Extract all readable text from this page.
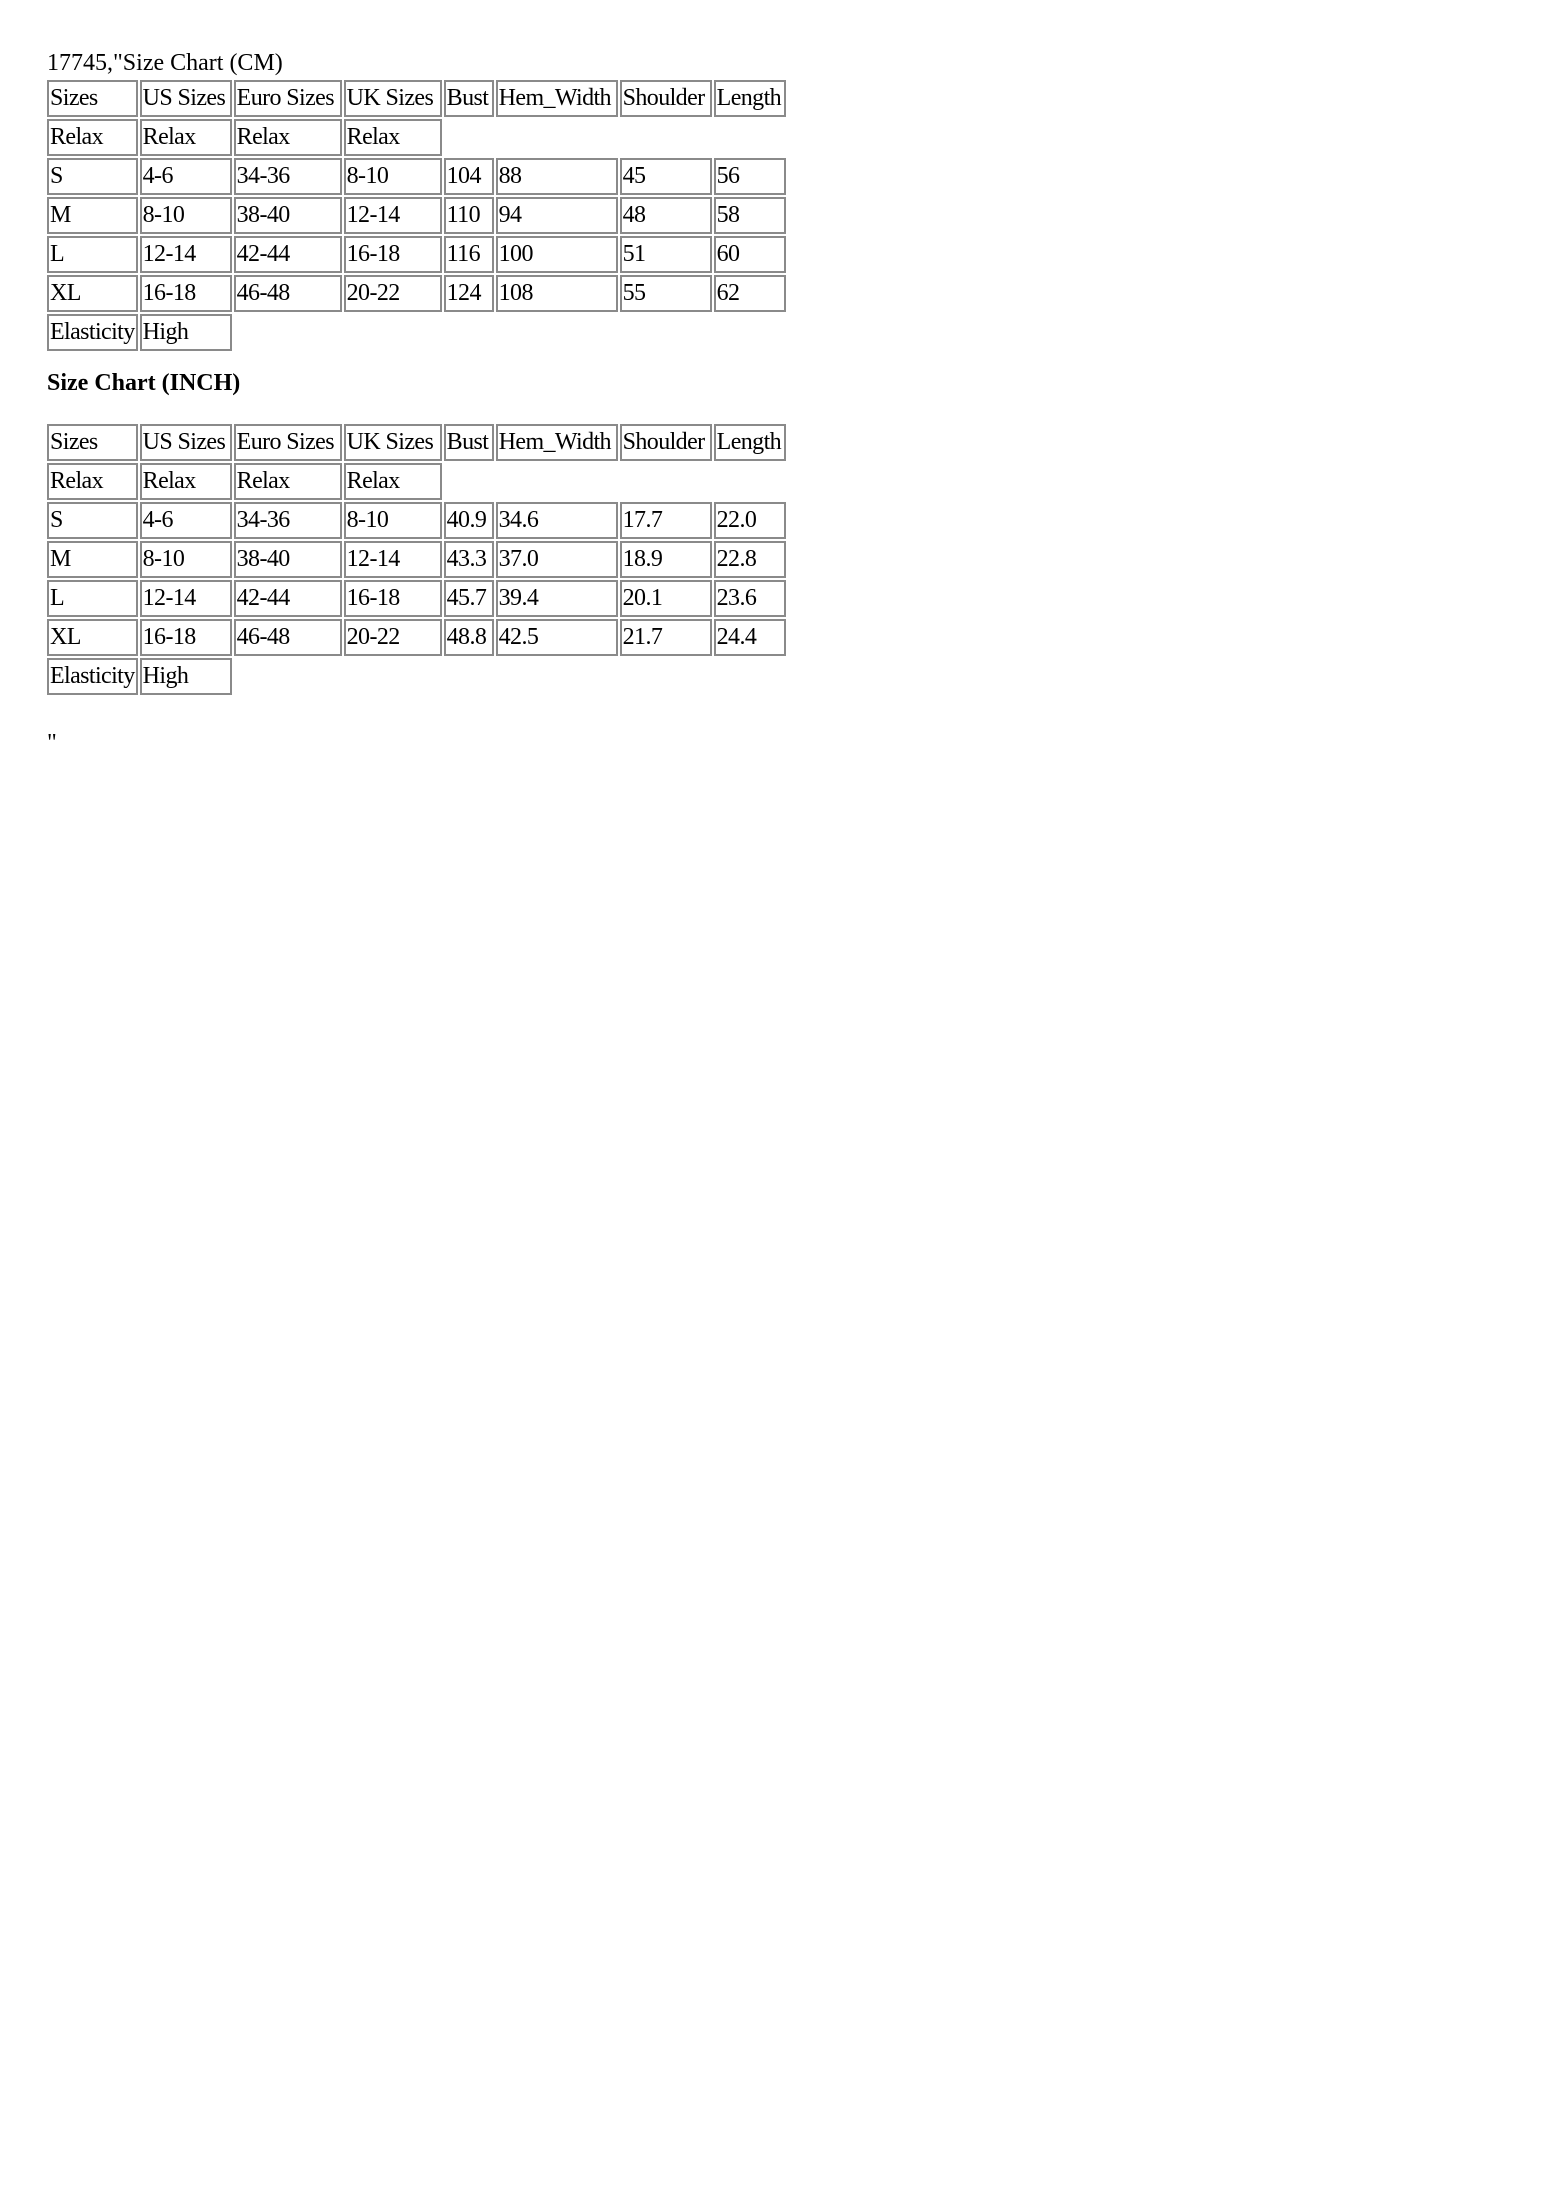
17745,"Size Chart (CM)
Sizes	US Sizes	Euro Sizes	UK Sizes	Bust	Hem_Width	Shoulder	Length
Relax	Relax	Relax	Relax				
S	4-6	34-36	8-10	104	88	45	56
M	8-10	38-40	12-14	110	94	48	58
L	12-14	42-44	16-18	116	100	51	60
XL	16-18	46-48	20-22	124	108	55	62
Elasticity	High						
Size Chart (INCH)
Sizes	US Sizes	Euro Sizes	UK Sizes	Bust	Hem_Width	Shoulder	Length
Relax	Relax	Relax	Relax				
S	4-6	34-36	8-10	40.9	34.6	17.7	22.0
M	8-10	38-40	12-14	43.3	37.0	18.9	22.8
L	12-14	42-44	16-18	45.7	39.4	20.1	23.6
XL	16-18	46-48	20-22	48.8	42.5	21.7	24.4
Elasticity	High						
"
